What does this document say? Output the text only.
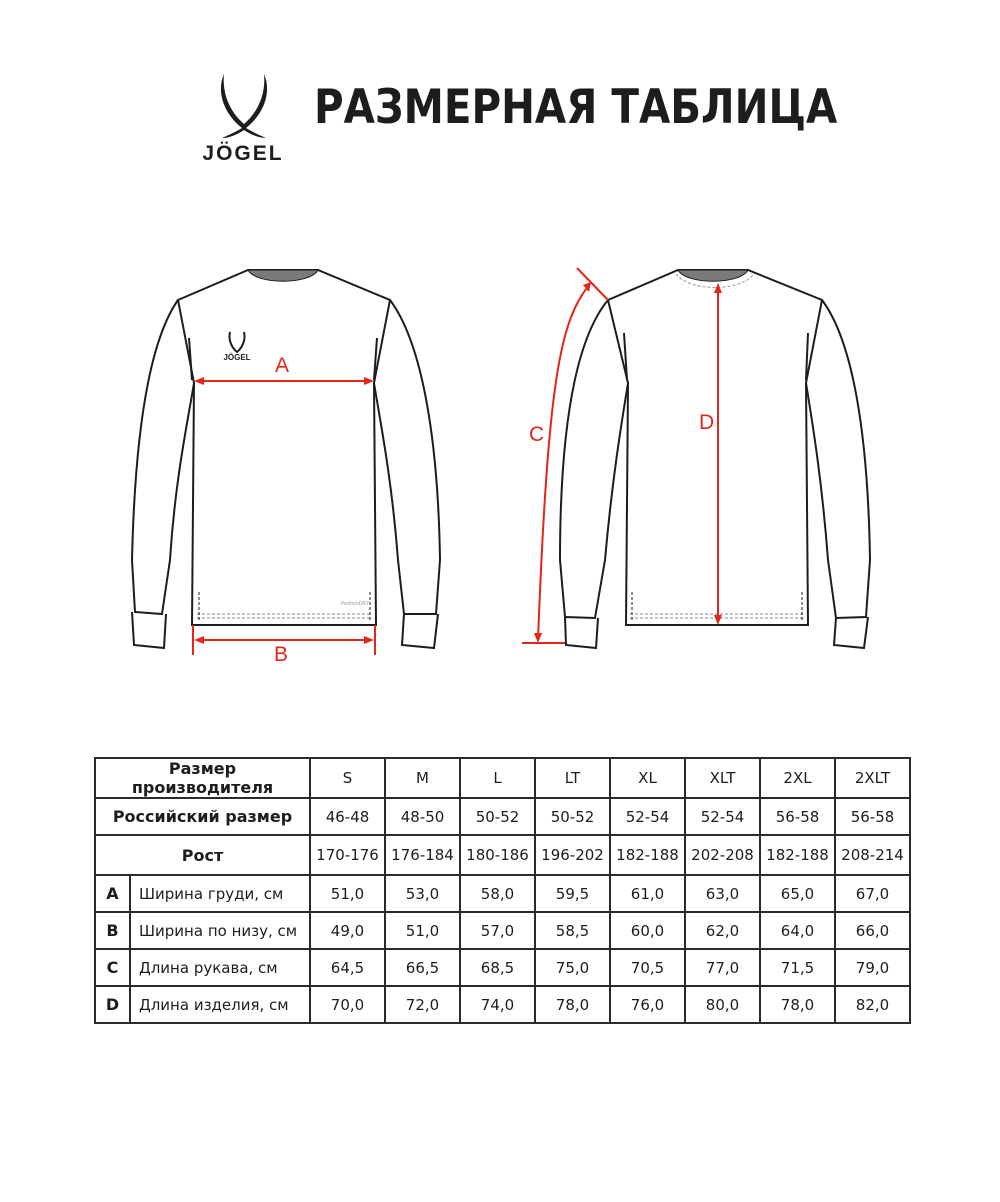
JÖGEL
РАЗМЕРНАЯ ТАБЛИЦА
JÖGEL
PerformDRY
A
B
C
D
Размер производителя		S	M	L	LT	XL	XLT	2XL	2XLT
Российский размер		46-48	48-50	50-52	50-52	52-54	52-54	56-58	56-58
Рост		170-176	176-184	180-186	196-202	182-188	202-208	182-188	208-214
A	Ширина груди, см	51,0	53,0	58,0	59,5	61,0	63,0	65,0	67,0
B	Ширина по низу, см	49,0	51,0	57,0	58,5	60,0	62,0	64,0	66,0
C	Длина рукава, см	64,5	66,5	68,5	75,0	70,5	77,0	71,5	79,0
D	Длина изделия, см	70,0	72,0	74,0	78,0	76,0	80,0	78,0	82,0
